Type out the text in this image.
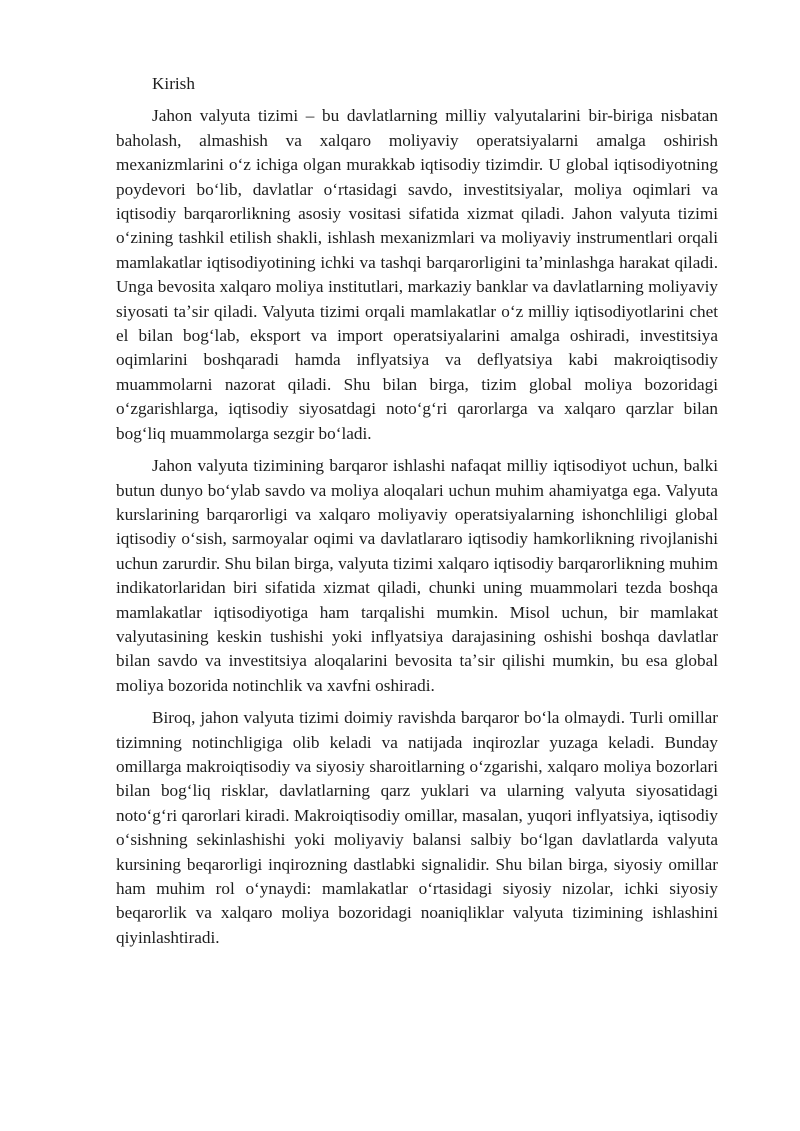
Kirish

Jahon valyuta tizimi – bu davlatlarning milliy valyutalarini bir-biriga nisbatan baholash, almashish va xalqaro moliyaviy operatsiyalarni amalga oshirish mexanizmlarini oʻz ichiga olgan murakkab iqtisodiy tizimdir. U global iqtisodiyotning poydevori boʻlib, davlatlar oʻrtasidagi savdo, investitsiyalar, moliya oqimlari va iqtisodiy barqarorlikning asosiy vositasi sifatida xizmat qiladi. Jahon valyuta tizimi oʻzining tashkil etilish shakli, ishlash mexanizmlari va moliyaviy instrumentlari orqali mamlakatlar iqtisodiyotining ichki va tashqi barqarorligini taʼminlashga harakat qiladi. Unga bevosita xalqaro moliya institutlari, markaziy banklar va davlatlarning moliyaviy siyosati taʼsir qiladi. Valyuta tizimi orqali mamlakatlar oʻz milliy iqtisodiyotlarini chet el bilan bogʻlab, eksport va import operatsiyalarini amalga oshiradi, investitsiya oqimlarini boshqaradi hamda inflyatsiya va deflyatsiya kabi makroiqtisodiy muammolarni nazorat qiladi. Shu bilan birga, tizim global moliya bozoridagi oʻzgarishlarga, iqtisodiy siyosatdagi notoʻgʻri qarorlarga va xalqaro qarzlar bilan bogʻliq muammolarga sezgir boʻladi.

Jahon valyuta tizimining barqaror ishlashi nafaqat milliy iqtisodiyot uchun, balki butun dunyo boʻylab savdo va moliya aloqalari uchun muhim ahamiyatga ega. Valyuta kurslarining barqarorligi va xalqaro moliyaviy operatsiyalarning ishonchliligi global iqtisodiy oʻsish, sarmoyalar oqimi va davlatlararo iqtisodiy hamkorlikning rivojlanishi uchun zarurdir. Shu bilan birga, valyuta tizimi xalqaro iqtisodiy barqarorlikning muhim indikatorlaridan biri sifatida xizmat qiladi, chunki uning muammolari tezda boshqa mamlakatlar iqtisodiyotiga ham tarqalishi mumkin. Misol uchun, bir mamlakat valyutasining keskin tushishi yoki inflyatsiya darajasining oshishi boshqa davlatlar bilan savdo va investitsiya aloqalarini bevosita taʼsir qilishi mumkin, bu esa global moliya bozorida notinchlik va xavfni oshiradi.

Biroq, jahon valyuta tizimi doimiy ravishda barqaror boʻla olmaydi. Turli omillar tizimning notinchligiga olib keladi va natijada inqirozlar yuzaga keladi. Bunday omillarga makroiqtisodiy va siyosiy sharoitlarning oʻzgarishi, xalqaro moliya bozorlari bilan bogʻliq risklar, davlatlarning qarz yuklari va ularning valyuta siyosatidagi notoʻgʻri qarorlari kiradi. Makroiqtisodiy omillar, masalan, yuqori inflyatsiya, iqtisodiy oʻsishning sekinlashishi yoki moliyaviy balansi salbiy boʻlgan davlatlarda valyuta kursining beqarorligi inqirozning dastlabki signalidir. Shu bilan birga, siyosiy omillar ham muhim rol oʻynaydi: mamlakatlar oʻrtasidagi siyosiy nizolar, ichki siyosiy beqarorlik va xalqaro moliya bozoridagi noaniqliklar valyuta tizimining ishlashini qiyinlashtiradi.
